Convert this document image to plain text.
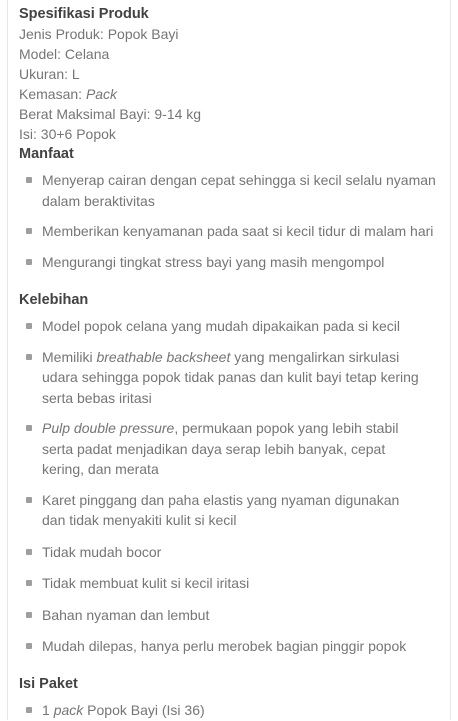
Spesifikasi Produk
Jenis Produk: Popok Bayi
Model: Celana
Ukuran: L
Kemasan: Pack
Berat Maksimal Bayi: 9-14 kg
Isi: 30+6 Popok
Manfaat
Menyerap cairan dengan cepat sehingga si kecil selalu nyaman dalam beraktivitas
Memberikan kenyamanan pada saat si kecil tidur di malam hari
Mengurangi tingkat stress bayi yang masih mengompol
Kelebihan
Model popok celana yang mudah dipakaikan pada si kecil
Memiliki breathable backsheet yang mengalirkan sirkulasi udara sehingga popok tidak panas dan kulit bayi tetap kering serta bebas iritasi
Pulp double pressure, permukaan popok yang lebih stabil serta padat menjadikan daya serap lebih banyak, cepat kering, dan merata
Karet pinggang dan paha elastis yang nyaman digunakan dan tidak menyakiti kulit si kecil
Tidak mudah bocor
Tidak membuat kulit si kecil iritasi
Bahan nyaman dan lembut
Mudah dilepas, hanya perlu merobek bagian pinggir popok
Isi Paket
1 pack Popok Bayi (Isi 36)
